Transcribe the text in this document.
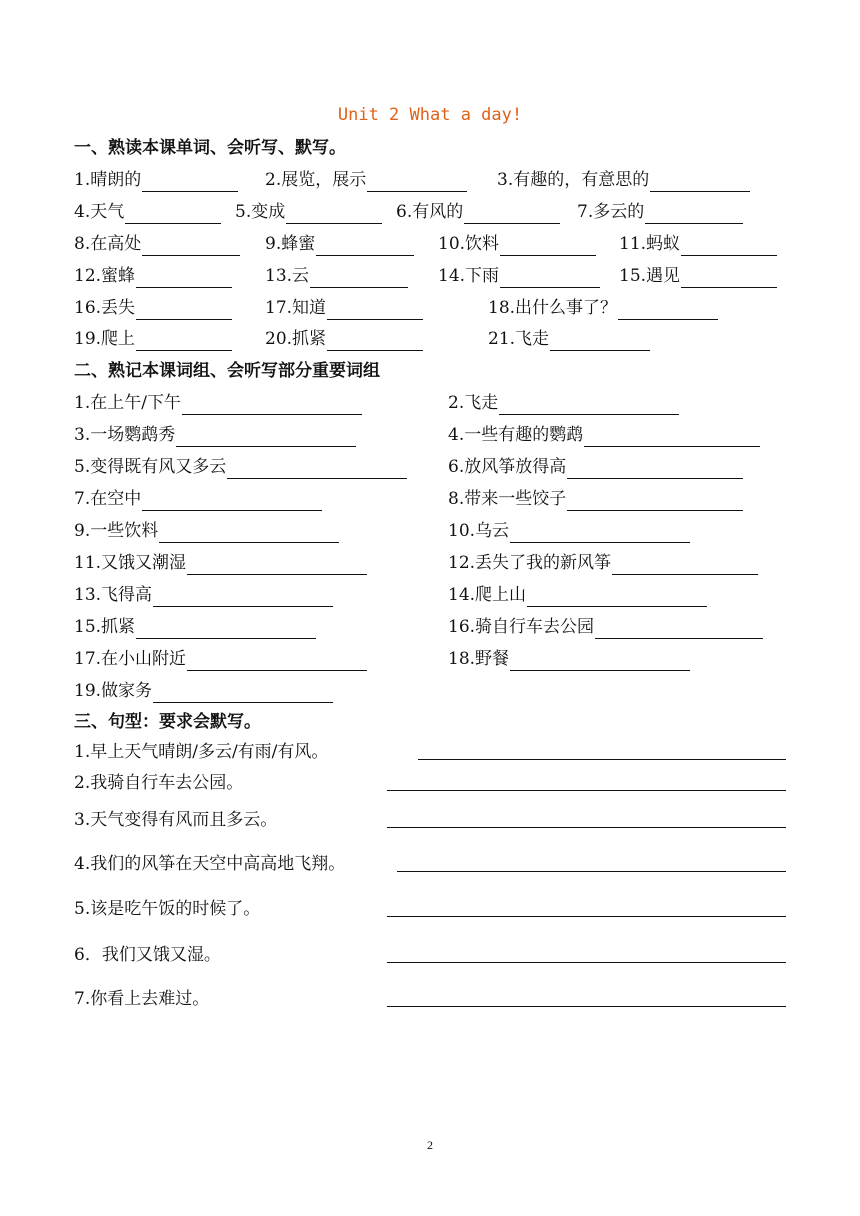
Unit 2 What a day!
一、熟读本课单词、会听写、默写。
1.晴朗的	2.展览，展示	3.有趣的，有意思的
4.天气	5.变成	6.有风的	7.多云的
8.在高处	9.蜂蜜	10.饮料	11.蚂蚁
12.蜜蜂	13.云	14.下雨	15.遇见
16.丢失	17.知道	18.出什么事了？
19.爬上	20.抓紧	21.飞走
二、熟记本课词组、会听写部分重要词组
1.在上午/下午	2.飞走
3.一场鹦鹉秀	4.一些有趣的鹦鹉
5.变得既有风又多云	6.放风筝放得高
7.在空中	8.带来一些饺子
9.一些饮料	10.乌云
11.又饿又潮湿	12.丢失了我的新风筝
13.飞得高	14.爬上山
15.抓紧	16.骑自行车去公园
17.在小山附近	18.野餐
19.做家务
三、句型：要求会默写。
1.早上天气晴朗/多云/有雨/有风。
2.我骑自行车去公园。
3.天气变得有风而且多云。
4.我们的风筝在天空中高高地飞翔。
5.该是吃午饭的时候了。
6．我们又饿又湿。
7.你看上去难过。
2
